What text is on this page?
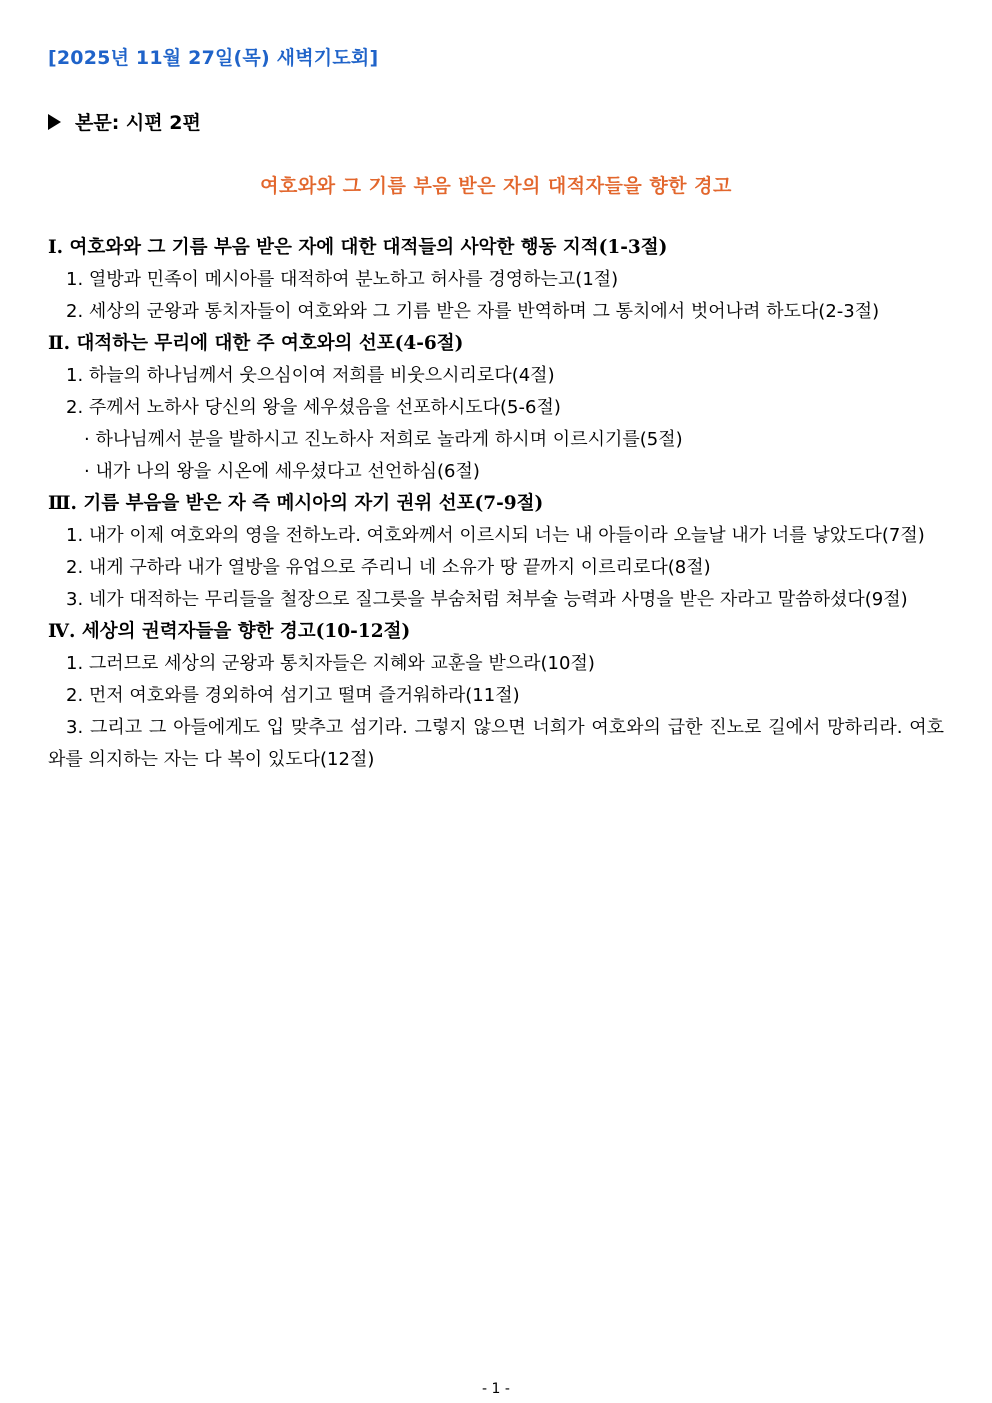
[2025년 11월 27일(목) 새벽기도회]
본문: 시편 2편
여호와와 그 기름 부음 받은 자의 대적자들을 향한 경고
Ⅰ. 여호와와 그 기름 부음 받은 자에 대한 대적들의 사악한 행동 지적(1-3절)
1. 열방과 민족이 메시아를 대적하여 분노하고 허사를 경영하는고(1절)
2. 세상의 군왕과 통치자들이 여호와와 그 기름 받은 자를 반역하며 그 통치에서 벗어나려 하도다(2-3절)
Ⅱ. 대적하는 무리에 대한 주 여호와의 선포(4-6절)
1. 하늘의 하나님께서 웃으심이여 저희를 비웃으시리로다(4절)
2. 주께서 노하사 당신의 왕을 세우셨음을 선포하시도다(5-6절)
· 하나님께서 분을 발하시고 진노하사 저희로 놀라게 하시며 이르시기를(5절)
· 내가 나의 왕을 시온에 세우셨다고 선언하심(6절)
Ⅲ. 기름 부음을 받은 자 즉 메시아의 자기 권위 선포(7-9절)
1. 내가 이제 여호와의 영을 전하노라. 여호와께서 이르시되 너는 내 아들이라 오늘날 내가 너를 낳았도다(7절)
2. 내게 구하라 내가 열방을 유업으로 주리니 네 소유가 땅 끝까지 이르리로다(8절)
3. 네가 대적하는 무리들을 철장으로 질그릇을 부숨처럼 쳐부술 능력과 사명을 받은 자라고 말씀하셨다(9절)
Ⅳ. 세상의 권력자들을 향한 경고(10-12절)
1. 그러므로 세상의 군왕과 통치자들은 지혜와 교훈을 받으라(10절)
2. 먼저 여호와를 경외하여 섬기고 떨며 즐거워하라(11절)
3. 그리고 그 아들에게도 입 맞추고 섬기라. 그렇지 않으면 너희가 여호와의 급한 진노로 길에서 망하리라. 여호와를 의지하는 자는 다 복이 있도다(12절)
- 1 -
